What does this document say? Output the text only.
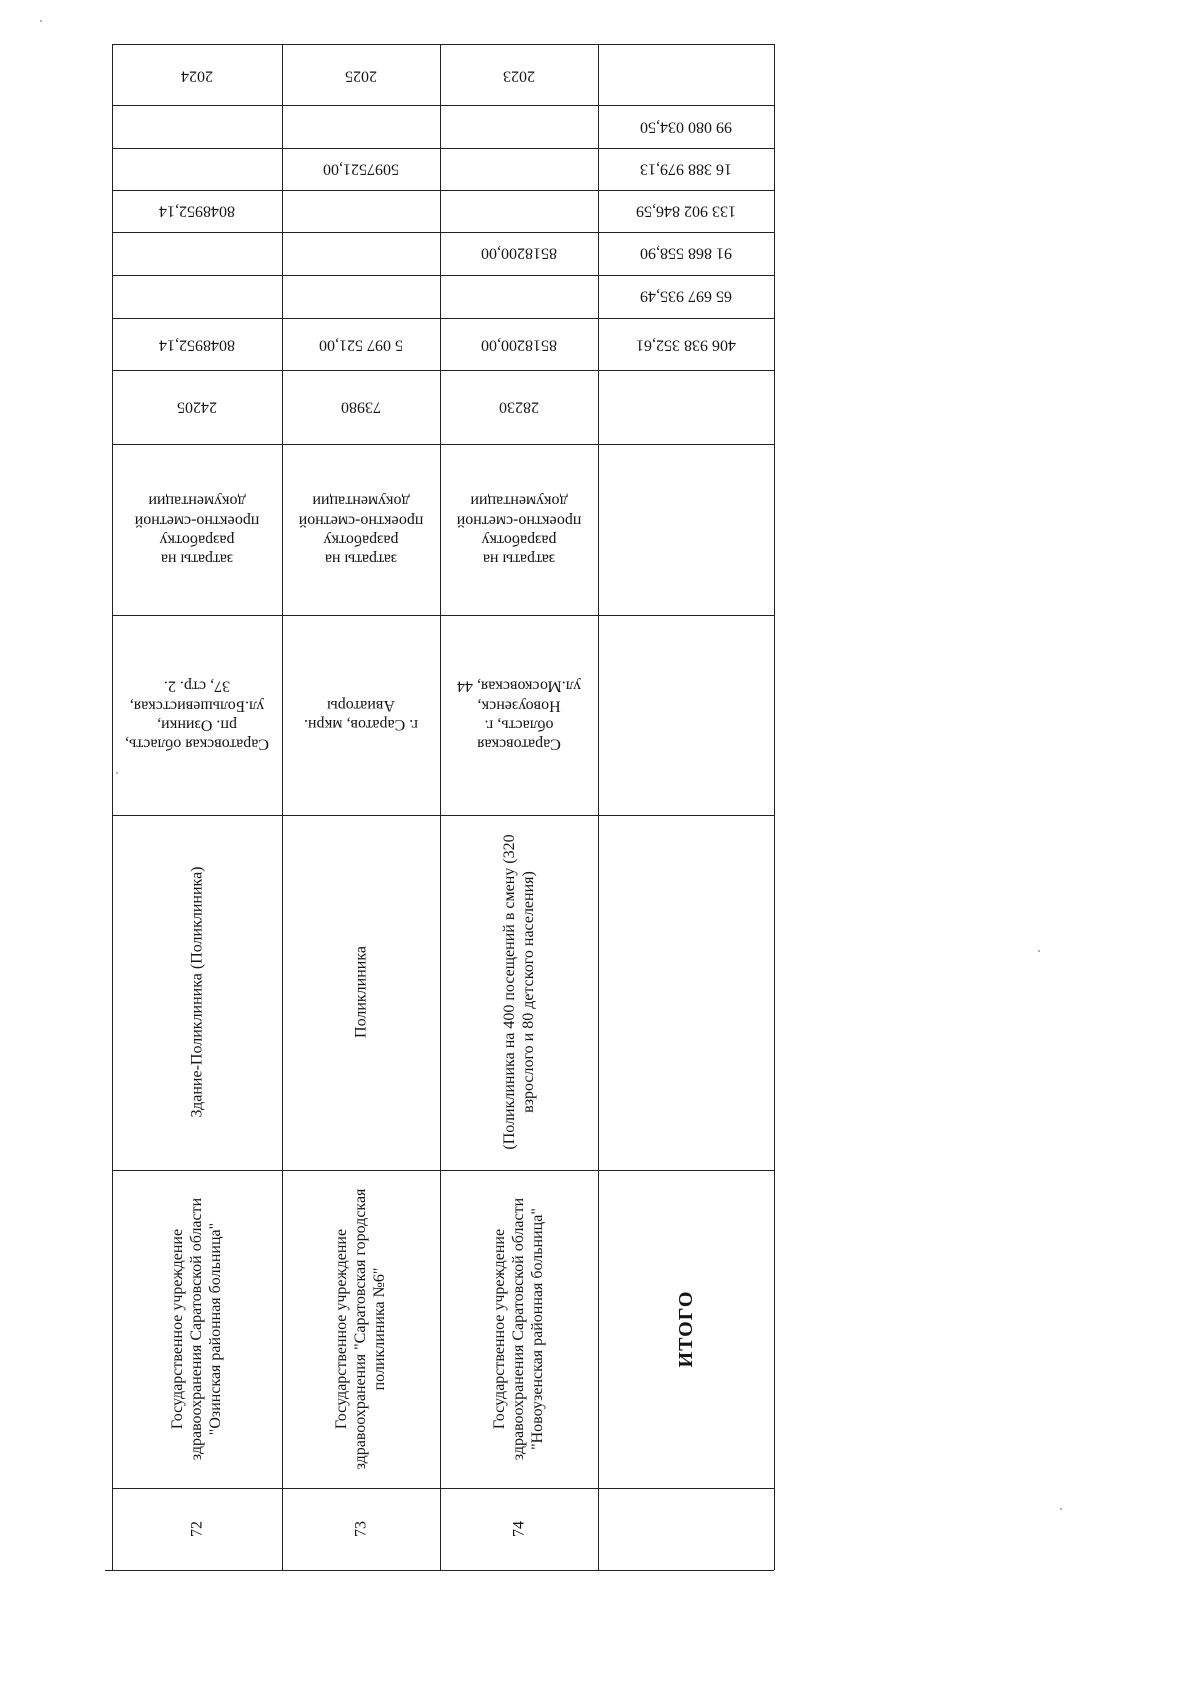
2024
8048952,14
8048952,14
24205
затраты на
разработку
проектно-сметной
документации
Саратовская область,
рп. Озинки,
ул.Большевистская,
37, стр. 2.
Здание-Поликлиника (Поликлиника)
Государственное учреждение здравоохранения Саратовской области "Озинская районная больница"
72
2025
5097521,00
5 097 521,00
73980
затраты на
разработку
проектно-сметной
документации
г. Саратов, мкрн.
Авиаторы
Поликлиника
Государственное учреждение здравоохранения "Саратовская городская поликлиника №6"
73
2023
8518200,00
8518200,00
28230
затраты на
разработку
проектно-сметной
документации
Саратовская
область, г.
Новоузенск,
ул.Московская, 44
(Поликлиника на 400 посещений в смену (320 взрослого и 80 детского населения)
Государственное учреждение здравоохранения Саратовской области "Новоузенская районная больница"
74
99 080 034,50
16 388 979,13
133 902 846,59
91 868 558,90
65 697 935,49
406 938 352,61
ИТОГО
